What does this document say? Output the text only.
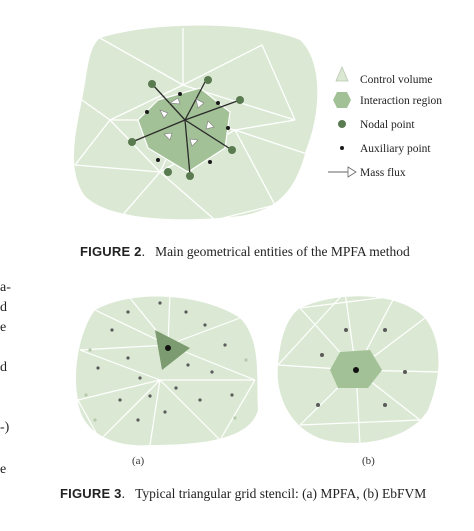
Control volume
Interaction region
Nodal point
Auxiliary point
Mass flux
FIGURE 2.   Main geometrical entities of the MPFA method
(a)	(b)
FIGURE 3.   Typical triangular grid stencil: (a) MPFA, (b) EbFVM
a-
d
e
d
-)
e
